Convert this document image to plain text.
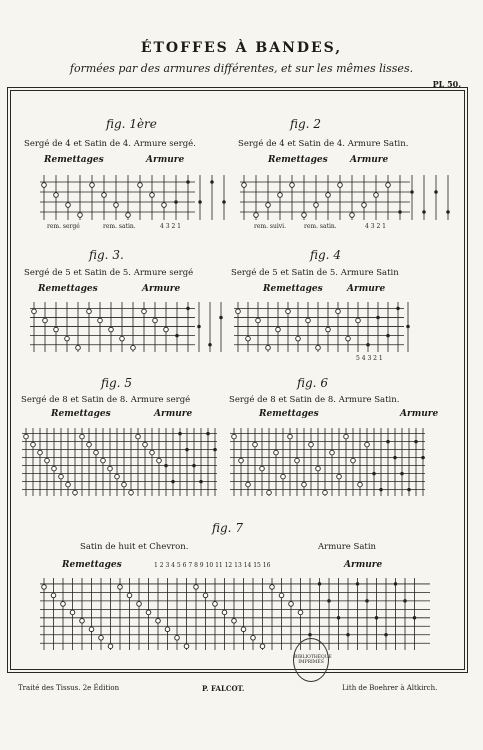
ÉTOFFES À BANDES,
formées par des armures différentes, et sur les mêmes lisses.
PL 50.
fig. 1ère
Sergé de 4 et Satin de 4. Armure sergé.
Remettages	Armure
rem. sergé	rem. satin.	4 3 2 1
fig. 2
Sergé de 4 et Satin de 4. Armure Satin.
Remettages Armure
rem. suivi.	rem. satin.	4 3 2 1
fig. 3.
Sergé de 5 et Satin de 5. Armure sergé
Remettages	Armure
fig. 4
Sergé de 5 et Satin de 5. Armure Satin
Remettages	Armure
5 4 3 2 1
fig. 5
Sergé de 8 et Satin de 8. Armure sergé
Remettages	Armure
fig. 6
Sergé de 8 et Satin de 8. Armure Satin.
Remettages	Armure
fig. 7
Satin de huit et Chevron.	Armure Satin
Remettages	Armure
1 2 3 4 5 6 7 8 9 10 11 12 13 14 15 16
BIBLIOTHÈQUE IMPRIMÉS
Traité des Tissus. 2e Édition	P. FALCOT.	Lith de Boehrer à Altkirch.
